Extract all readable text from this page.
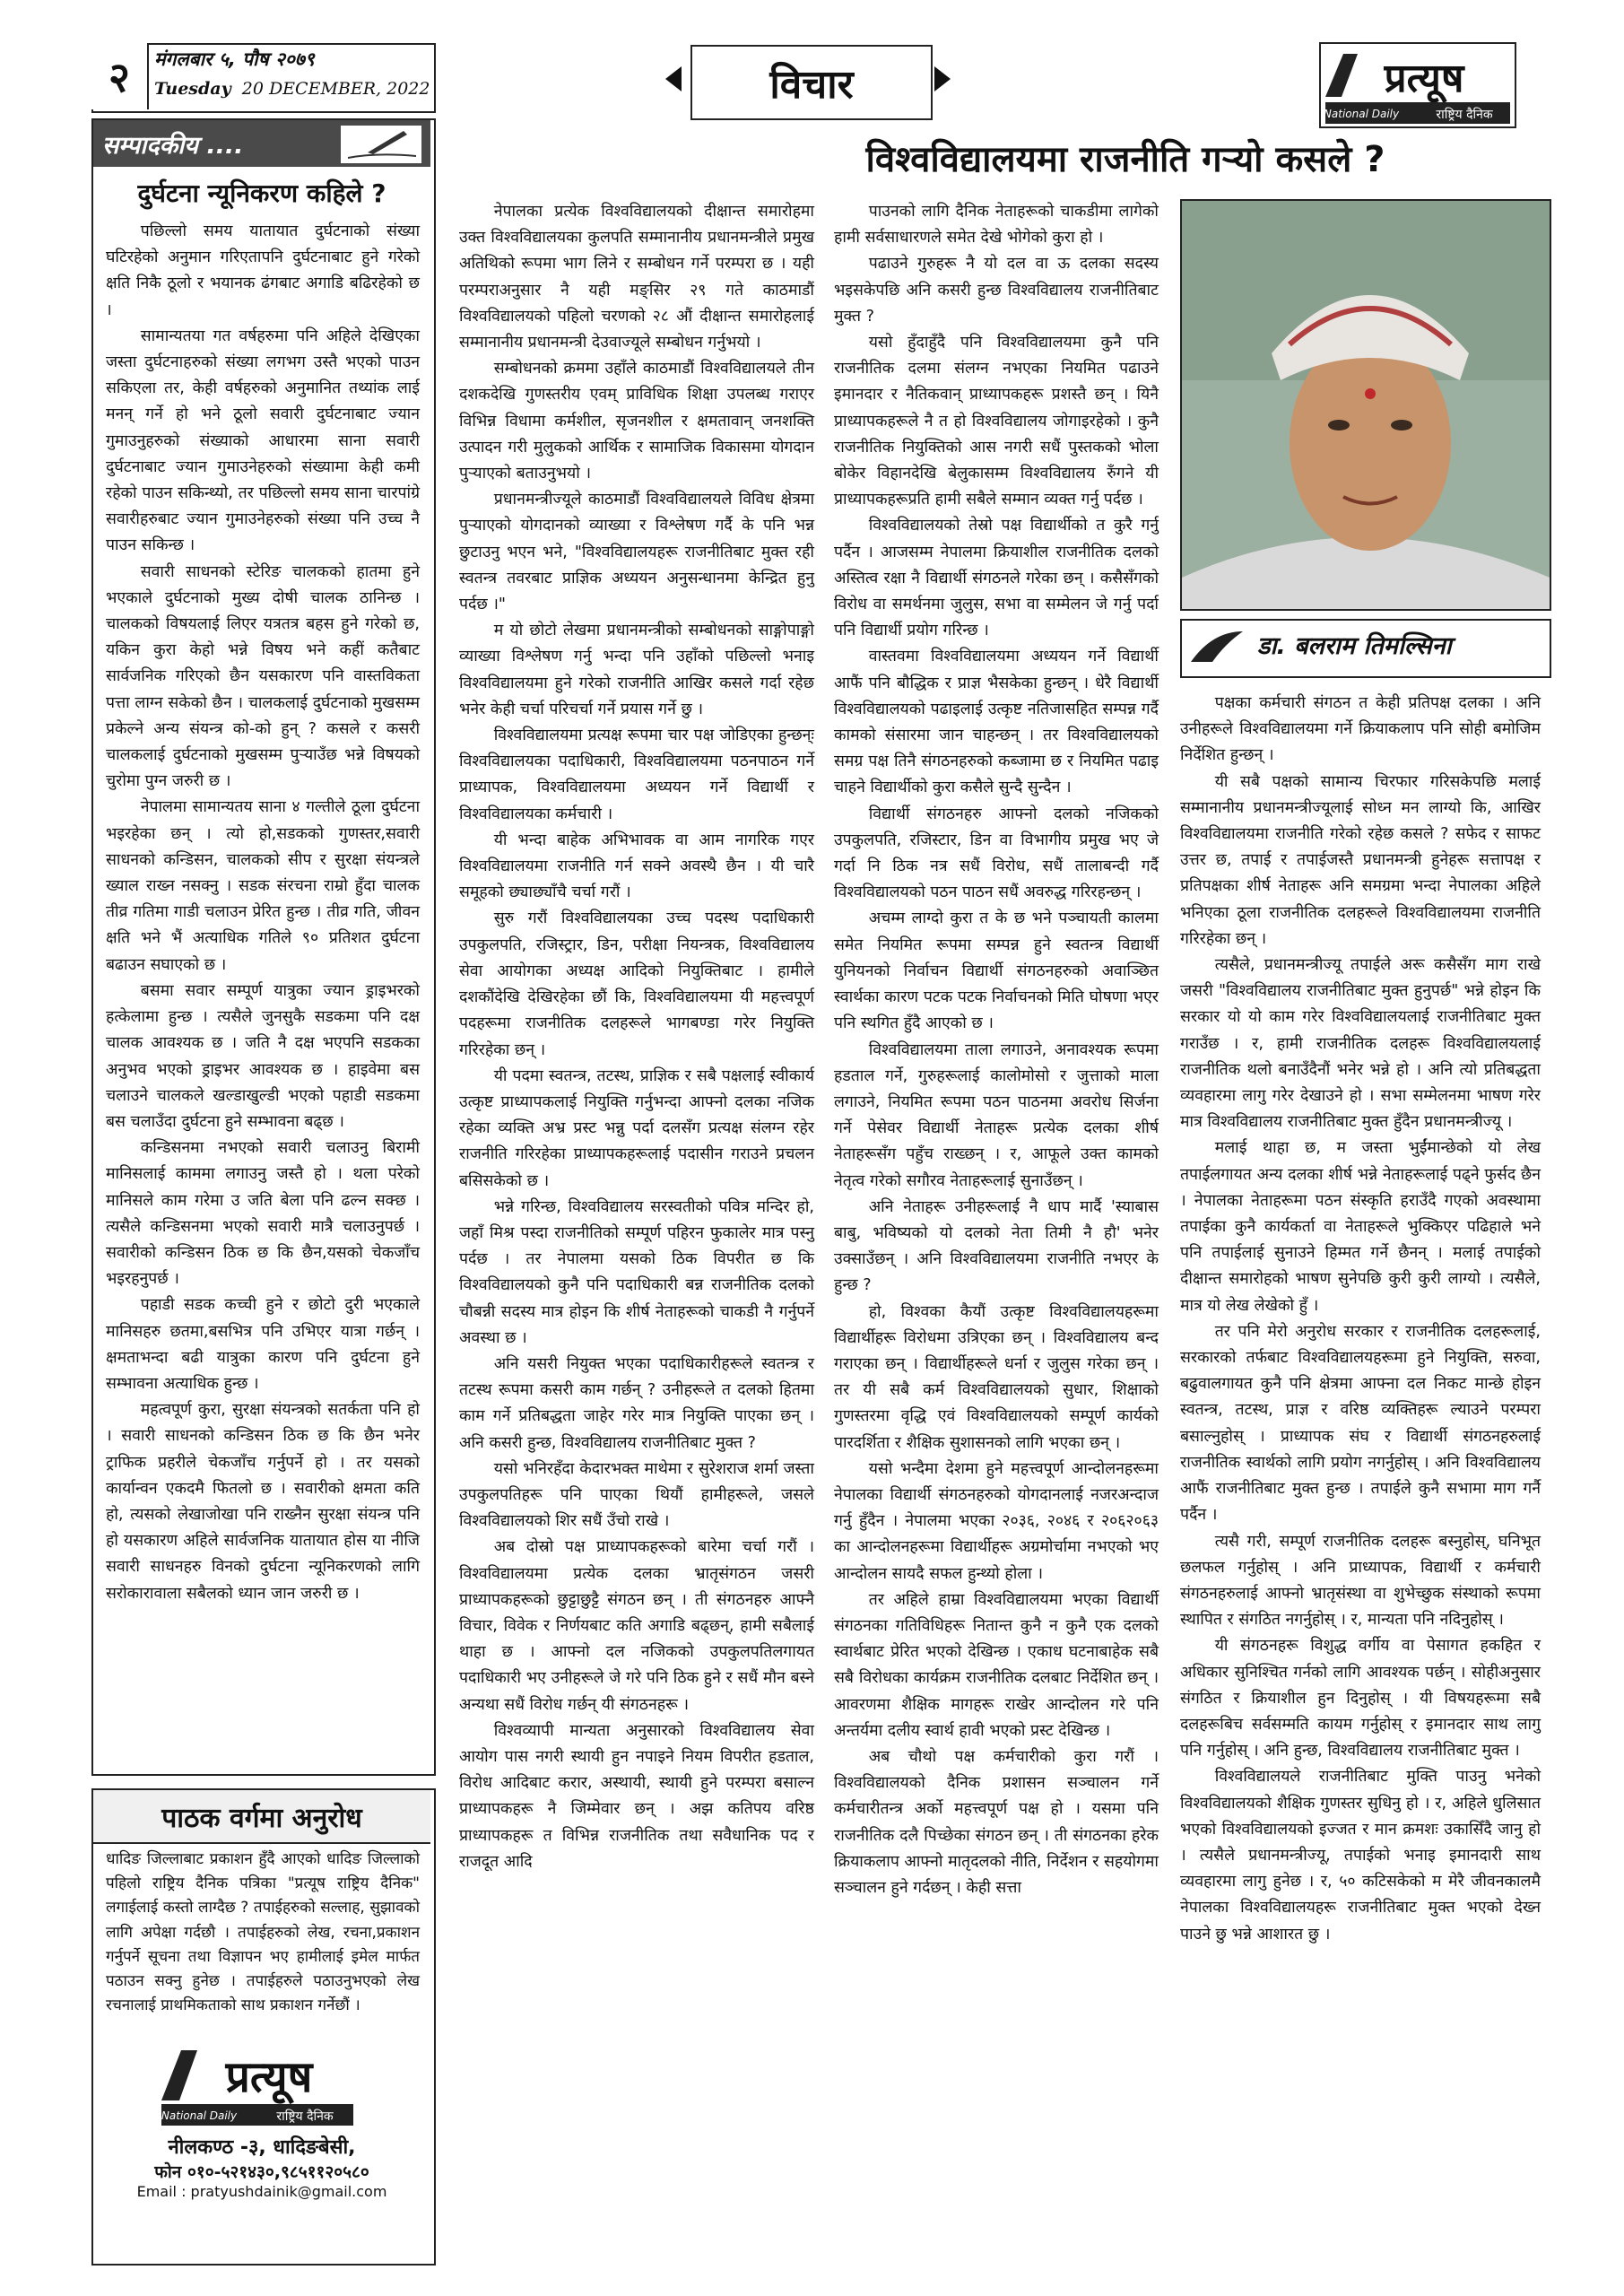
२	मंगलबार ५, पौष २०७९
Tuesday 20 DECEMBER, 2022	विचार	प्रत्यूष
National Daily	राष्ट्रिय दैनिक
विश्वविद्यालयमा राजनीति गऱ्यो कसले ?
सम्पादकीय ....
दुर्घटना न्यूनिकरण कहिले ?

पछिल्लो समय यातायात दुर्घटनाको संख्या घटिरहेको अनुमान गरिएतापनि दुर्घटनाबाट हुने गरेको क्षति निकै ठूलो र भयानक ढंगबाट अगाडि बढिरहेको छ ।

सामान्यतया गत वर्षहरुमा पनि अहिले देखिएका जस्ता दुर्घटनाहरुको संख्या लगभग उस्तै भएको पाउन सकिएला तर, केही वर्षहरुको अनुमानित तथ्यांक लाई मनन् गर्ने हो भने ठूलो सवारी दुर्घटनाबाट ज्यान गुमाउनुहरुको संख्याको आधारमा साना सवारी दुर्घटनाबाट ज्यान गुमाउनेहरुको संख्यामा केही कमी रहेको पाउन सकिन्थ्यो, तर पछिल्लो समय साना चारपांग्रे सवारीहरुबाट ज्यान गुमाउनेहरुको संख्या पनि उच्च नै पाउन सकिन्छ ।

सवारी साधनको स्टेरिङ चालकको हातमा हुने भएकाले दुर्घटनाको मुख्य दोषी चालक ठानिन्छ । चालकको विषयलाई लिएर यत्रतत्र बहस हुने गरेको छ, यकिन कुरा केहो भन्ने विषय भने कहीं कतैबाट सार्वजनिक गरिएको छैन यसकारण पनि वास्तविकता पत्ता लाग्न सकेको छैन । चालकलाई दुर्घटनाको मुखसम्म प्रकेल्ने अन्य संयन्त्र को-को हुन् ? कसले र कसरी चालकलाई दुर्घटनाको मुखसम्म पुऱ्याउँछ भन्ने विषयको चुरोमा पुग्न जरुरी छ ।

नेपालमा सामान्यतय साना ४ गल्तीले ठूला दुर्घटना भइरहेका छन् । त्यो हो,सडकको गुणस्तर,सवारी साधनको कन्डिसन, चालकको सीप र सुरक्षा संयन्त्रले ख्याल राख्न नसक्नु । सडक संरचना राम्रो हुँदा चालक तीव्र गतिमा गाडी चलाउन प्रेरित हुन्छ । तीव्र गति, जीवन क्षति भने भैं अत्याधिक गतिले ९० प्रतिशत दुर्घटना बढाउन सघाएको छ ।

बसमा सवार सम्पूर्ण यात्रुका ज्यान ड्राइभरको हत्केलामा हुन्छ । त्यसैले जुनसुकै सडकमा पनि दक्ष चालक आवश्यक छ । जति नै दक्ष भएपनि सडकका अनुभव भएको ड्राइभर आवश्यक छ । हाइवेमा बस चलाउने चालकले खल्डाखुल्डी भएको पहाडी सडकमा बस चलाउँदा दुर्घटना हुने सम्भावना बढ्छ ।

कन्डिसनमा नभएको सवारी चलाउनु बिरामी मानिसलाई काममा लगाउनु जस्तै हो । थला परेको मानिसले काम गरेमा उ जति बेला पनि ढल्न सक्छ । त्यसैले कन्डिसनमा भएको सवारी मात्रै चलाउनुपर्छ । सवारीको कन्डिसन ठिक छ कि छैन,यसको चेकजाँच भइरहनुपर्छ ।

पहाडी सडक कच्ची हुने र छोटो दुरी भएकाले मानिसहरु छतमा,बसभित्र पनि उभिएर यात्रा गर्छन् । क्षमताभन्दा बढी यात्रुका कारण पनि दुर्घटना हुने सम्भावना अत्याधिक हुन्छ ।

महत्वपूर्ण कुरा, सुरक्षा संयन्त्रको सतर्कता पनि हो । सवारी साधनको कन्डिसन ठिक छ कि छैन भनेर ट्राफिक प्रहरीले चेकजाँच गर्नुपर्ने हो । तर यसको कार्यान्वन एकदमै फितलो छ । सवारीको क्षमता कति हो, त्यसको लेखाजोखा पनि राख्नैन सुरक्षा संयन्त्र पनि हो यसकारण अहिले सार्वजनिक यातायात होस या नीजि सवारी साधनहरु विनको दुर्घटना न्यूनिकरणको लागि सरोकारावाला सबैलको ध्यान जान जरुरी छ ।

पाठक वर्गमा अनुरोध

धादिङ जिल्लाबाट प्रकाशन हुँदै आएको धादिङ जिल्लाको पहिलो राष्ट्रिय दैनिक पत्रिका "प्रत्यूष राष्ट्रिय दैनिक" लगाईलाई कस्तो लाग्दैछ ? तपाईहरुको सल्लाह, सुझावको लागि अपेक्षा गर्दछौ । तपाईहरुको लेख, रचना,प्रकाशन गर्नुपर्ने सूचना तथा विज्ञापन भए हामीलाई इमेल मार्फत पठाउन सक्नु हुनेछ । तपाईहरुले पठाउनुभएको लेख रचनालाई प्राथमिकताको साथ प्रकाशन गर्नेछौं ।

प्रत्यूष
National Daily	राष्ट्रिय दैनिक
नीलकण्ठ -३, धादिङबेसी,
फोन ०१०-५२१४३०,९८५११२०५८०
Email : pratyushdainik@gmail.com

नेपालका प्रत्येक विश्वविद्यालयको दीक्षान्त समारोहमा उक्त विश्वविद्यालयका कुलपति सम्मानानीय प्रधानमन्त्रीले प्रमुख अतिथिको रूपमा भाग लिने र सम्बोधन गर्ने परम्परा छ । यही परम्पराअनुसार नै यही मङ्सिर २९ गते काठमाडौं विश्वविद्यालयको पहिलो चरणको २८ औं दीक्षान्त समारोहलाई सम्मानानीय प्रधानमन्त्री देउवाज्यूले सम्बोधन गर्नुभयो ।

सम्बोधनको क्रममा उहाँले काठमाडौं विश्वविद्यालयले तीन दशकदेखि गुणस्तरीय एवम् प्राविधिक शिक्षा उपलब्ध गराएर विभिन्न विधामा कर्मशील, सृजनशील र क्षमतावान् जनशक्ति उत्पादन गरी मुलुकको आर्थिक र सामाजिक विकासमा योगदान पुऱ्याएको बताउनुभयो ।

प्रधानमन्त्रीज्यूले काठमाडौं विश्वविद्यालयले विविध क्षेत्रमा पुऱ्याएको योगदानको व्याख्या र विश्लेषण गर्दै के पनि भन्न छुटाउनु भएन भने, "विश्वविद्यालयहरू राजनीतिबाट मुक्त रही स्वतन्त्र तवरबाट प्राज्ञिक अध्ययन अनुसन्धानमा केन्द्रित हुनु पर्दछ ।"

म यो छोटो लेखमा प्रधानमन्त्रीको सम्बोधनको साङ्गोपाङ्गो व्याख्या विश्लेषण गर्नु भन्दा पनि उहाँको पछिल्लो भनाइ विश्वविद्यालयमा हुने गरेको राजनीति आखिर कसले गर्दा रहेछ भनेर केही चर्चा परिचर्चा गर्ने प्रयास गर्ने छु ।

विश्वविद्यालयमा प्रत्यक्ष रूपमा चार पक्ष जोडिएका हुन्छन्ः विश्वविद्यालयका पदाधिकारी, विश्वविद्यालयमा पठनपाठन गर्ने प्राध्यापक, विश्वविद्यालयमा अध्ययन गर्ने विद्यार्थी र विश्वविद्यालयका कर्मचारी ।

यी भन्दा बाहेक अभिभावक वा आम नागरिक गएर विश्वविद्यालयमा राजनीति गर्न सक्ने अवस्थै छैन । यी चारै समूहको छ्याछ्याँचै चर्चा गरौं ।

सुरु गरौं विश्वविद्यालयका उच्च पदस्थ पदाधिकारी उपकुलपति, रजिस्ट्रार, डिन, परीक्षा नियन्त्रक, विश्वविद्यालय सेवा आयोगका अध्यक्ष आदिको नियुक्तिबाट । हामीले दशकौंदेखि देखिरहेका छौं कि, विश्वविद्यालयमा यी महत्त्वपूर्ण पदहरूमा राजनीतिक दलहरूले भागबण्डा गरेर नियुक्ति गरिरहेका छन् ।

यी पदमा स्वतन्त्र, तटस्थ, प्राज्ञिक र सबै पक्षलाई स्वीकार्य उत्कृष्ट प्राध्यापकलाई नियुक्ति गर्नुभन्दा आफ्नो दलका नजिक रहेका व्यक्ति अभ्र प्रस्ट भन्नु पर्दा दलसँग प्रत्यक्ष संलग्न रहेर राजनीति गरिरहेका प्राध्यापकहरूलाई पदासीन गराउने प्रचलन बसिसकेको छ ।

भन्ने गरिन्छ, विश्वविद्यालय सरस्वतीको पवित्र मन्दिर हो, जहाँ मिश्र पस्दा राजनीतिको सम्पूर्ण पहिरन फुकालेर मात्र पस्नु पर्दछ । तर नेपालमा यसको ठिक विपरीत छ कि विश्वविद्यालयको कुनै पनि पदाधिकारी बन्न राजनीतिक दलको चौबन्नी सदस्य मात्र होइन कि शीर्ष नेताहरूको चाकडी नै गर्नुपर्ने अवस्था छ ।

अनि यसरी नियुक्त भएका पदाधिकारीहरूले स्वतन्त्र र तटस्थ रूपमा कसरी काम गर्छन् ? उनीहरूले त दलको हितमा काम गर्ने प्रतिबद्धता जाहेर गरेर मात्र नियुक्ति पाएका छन् । अनि कसरी हुन्छ, विश्वविद्यालय राजनीतिबाट मुक्त ?

यसो भनिरहँदा केदारभक्त माथेमा र सुरेशराज शर्मा जस्ता उपकुलपतिहरू पनि पाएका थियौं हामीहरूले, जसले विश्वविद्यालयको शिर सधैं उँचो राखे ।

अब दोस्रो पक्ष प्राध्यापकहरूको बारेमा चर्चा गरौं । विश्वविद्यालयमा प्रत्येक दलका भ्रातृसंगठन जसरी प्राध्यापकहरूको छुट्टाछुट्टै संगठन छन् । ती संगठनहरु आफ्नै विचार, विवेक र निर्णयबाट कति अगाडि बढ्छन्, हामी सबैलाई थाहा छ । आफ्नो दल नजिकको उपकुलपतिलगायत पदाधिकारी भए उनीहरूले जे गरे पनि ठिक हुने र सधैं मौन बस्ने अन्यथा सधैं विरोध गर्छन् यी संगठनहरू ।

विश्वव्यापी मान्यता अनुसारको विश्वविद्यालय सेवा आयोग पास नगरी स्थायी हुन नपाइने नियम विपरीत हडताल, विरोध आदिबाट करार, अस्थायी, स्थायी हुने परम्परा बसाल्न प्राध्यापकहरू नै जिम्मेवार छन् । अझ कतिपय वरिष्ठ प्राध्यापकहरू त विभिन्न राजनीतिक तथा सवैधानिक पद र राजदूत आदि

पाउनको लागि दैनिक नेताहरूको चाकडीमा लागेको हामी सर्वसाधारणले समेत देखे भोगेको कुरा हो ।

पढाउने गुरुहरू नै यो दल वा ऊ दलका सदस्य भइसकेपछि अनि कसरी हुन्छ विश्वविद्यालय राजनीतिबाट मुक्त ?

यसो हुँदाहुँदै पनि विश्वविद्यालयमा कुनै पनि राजनीतिक दलमा संलग्न नभएका नियमित पढाउने इमानदार र नैतिकवान् प्राध्यापकहरू प्रशस्तै छन् । यिनै प्राध्यापकहरूले नै त हो विश्वविद्यालय जोगाइरहेको । कुनै राजनीतिक नियुक्तिको आस नगरी सधैं पुस्तकको भोला बोकेर विहानदेखि बेलुकासम्म विश्वविद्यालय रुँगने यी प्राध्यापकहरूप्रति हामी सबैले सम्मान व्यक्त गर्नु पर्दछ ।

विश्वविद्यालयको तेस्रो पक्ष विद्यार्थीको त कुरै गर्नु पर्दैन । आजसम्म नेपालमा क्रियाशील राजनीतिक दलको अस्तित्व रक्षा नै विद्यार्थी संगठनले गरेका छन् । कसैसँगको विरोध वा समर्थनमा जुलुस, सभा वा सम्मेलन जे गर्नु पर्दा पनि विद्यार्थी प्रयोग गरिन्छ ।

वास्तवमा विश्वविद्यालयमा अध्ययन गर्ने विद्यार्थी आफैं पनि बौद्धिक र प्राज्ञ भैसकेका हुन्छन् । धेरै विद्यार्थी विश्वविद्यालयको पढाइलाई उत्कृष्ट नतिजासहित सम्पन्न गर्दै कामको संसारमा जान चाहन्छन् । तर विश्वविद्यालयको समग्र पक्ष तिनै संगठनहरुको कब्जामा छ र नियमित पढाइ चाहने विद्यार्थीको कुरा कसैले सुन्दै सुन्दैन ।

विद्यार्थी संगठनहरु आफ्नो दलको नजिकको उपकुलपति, रजिस्टार, डिन वा विभागीय प्रमुख भए जे गर्दा नि ठिक नत्र सधैं विरोध, सधैं तालाबन्दी गर्दै विश्वविद्यालयको पठन पाठन सधैं अवरुद्ध गरिरहन्छन् ।

अचम्म लाग्दो कुरा त के छ भने पञ्चायती कालमा समेत नियमित रूपमा सम्पन्न हुने स्वतन्त्र विद्यार्थी युनियनको निर्वाचन विद्यार्थी संगठनहरुको अवाञ्छित स्वार्थका कारण पटक पटक निर्वाचनको मिति घोषणा भएर पनि स्थगित हुँदै आएको छ ।

विश्वविद्यालयमा ताला लगाउने, अनावश्यक रूपमा हडताल गर्ने, गुरुहरूलाई कालोमोसो र जुत्ताको माला लगाउने, नियमित रूपमा पठन पाठनमा अवरोध सिर्जना गर्ने पेसेवर विद्यार्थी नेताहरू प्रत्येक दलका शीर्ष नेताहरूसँग पहुँच राख्छन् । र, आफूले उक्त कामको नेतृत्व गरेको सगौरव नेताहरूलाई सुनाउँछन् ।

अनि नेताहरू उनीहरूलाई नै धाप मार्दै 'स्याबास बाबु, भविष्यको यो दलको नेता तिमी नै हौ' भनेर उक्साउँछन् । अनि विश्वविद्यालयमा राजनीति नभएर के हुन्छ ?

हो, विश्वका कैयौं उत्कृष्ट विश्वविद्यालयहरूमा विद्यार्थीहरू विरोधमा उत्रिएका छन् । विश्वविद्यालय बन्द गराएका छन् । विद्यार्थीहरूले धर्ना र जुलुस गरेका छन् । तर यी सबै कर्म विश्वविद्यालयको सुधार, शिक्षाको गुणस्तरमा वृद्धि एवं विश्वविद्यालयको सम्पूर्ण कार्यको पारदर्शिता र शैक्षिक सुशासनको लागि भएका छन् ।

यसो भन्दैमा देशमा हुने महत्त्वपूर्ण आन्दोलनहरूमा नेपालका विद्यार्थी संगठनहरुको योगदानलाई नजरअन्दाज गर्नु हुँदैन । नेपालमा भएका २०३६, २०४६ र २०६२०६३ का आन्दोलनहरूमा विद्यार्थीहरू अग्रमोर्चामा नभएको भए आन्दोलन सायदै सफल हुन्थ्यो होला ।

तर अहिले हाम्रा विश्वविद्यालयमा भएका विद्यार्थी संगठनका गतिविधिहरू नितान्त कुनै न कुनै एक दलको स्वार्थबाट प्रेरित भएको देखिन्छ । एकाध घटनाबाहेक सबै सबै विरोधका कार्यक्रम राजनीतिक दलबाट निर्देशित छन् । आवरणमा शैक्षिक मागहरू राखेर आन्दोलन गरे पनि अन्तर्यमा दलीय स्वार्थ हावी भएको प्रस्ट देखिन्छ ।

अब चौथो पक्ष कर्मचारीको कुरा गरौं । विश्वविद्यालयको दैनिक प्रशासन सञ्चालन गर्ने कर्मचारीतन्त्र अर्को महत्त्वपूर्ण पक्ष हो । यसमा पनि राजनीतिक दलै पिच्छेका संगठन छन् । ती संगठनका हरेक क्रियाकलाप आफ्नो मातृदलको नीति, निर्देशन र सहयोगमा सञ्चालन हुने गर्दछन् । केही सत्ता

डा. बलराम तिमल्सिना

पक्षका कर्मचारी संगठन त केही प्रतिपक्ष दलका । अनि उनीहरूले विश्वविद्यालयमा गर्ने क्रियाकलाप पनि सोही बमोजिम निर्देशित हुन्छन् ।

यी सबै पक्षको सामान्य चिरफार गरिसकेपछि मलाई सम्मानानीय प्रधानमन्त्रीज्यूलाई सोध्न मन लाग्यो कि, आखिर विश्वविद्यालयमा राजनीति गरेको रहेछ कसले ? सफेद र साफट उत्तर छ, तपाई र तपाईजस्तै प्रधानमन्त्री हुनेहरू सत्तापक्ष र प्रतिपक्षका शीर्ष नेताहरू अनि समग्रमा भन्दा नेपालका अहिले भनिएका ठूला राजनीतिक दलहरूले विश्वविद्यालयमा राजनीति गरिरहेका छन् ।

त्यसैले, प्रधानमन्त्रीज्यू तपाईले अरू कसैसँग माग राखे जसरी "विश्वविद्यालय राजनीतिबाट मुक्त हुनुपर्छ" भन्ने होइन कि सरकार यो यो काम गरेर विश्वविद्यालयलाई राजनीतिबाट मुक्त गराउँछ । र, हामी राजनीतिक दलहरू विश्वविद्यालयलाई राजनीतिक थलो बनाउँदैनौं भनेर भन्ने हो । अनि त्यो प्रतिबद्धता व्यवहारमा लागु गरेर देखाउने हो । सभा सम्मेलनमा भाषण गरेर मात्र विश्वविद्यालय राजनीतिबाट मुक्त हुँदैन प्रधानमन्त्रीज्यू ।

मलाई थाहा छ, म जस्ता भुईंमान्छेको यो लेख तपाईलगायत अन्य दलका शीर्ष भन्ने नेताहरूलाई पढ्ने फुर्सद छैन । नेपालका नेताहरूमा पठन संस्कृति हराउँदै गएको अवस्थामा तपाईका कुनै कार्यकर्ता वा नेताहरूले भुक्किएर पढिहाले भने पनि तपाईलाई सुनाउने हिम्मत गर्ने छैनन् । मलाई तपाईको दीक्षान्त समारोहको भाषण सुनेपछि कुरी कुरी लाग्यो । त्यसैले, मात्र यो लेख लेखेको हुँ ।

तर पनि मेरो अनुरोध सरकार र राजनीतिक दलहरूलाई, सरकारको तर्फबाट विश्वविद्यालयहरूमा हुने नियुक्ति, सरुवा, बढुवालगायत कुनै पनि क्षेत्रमा आफ्ना दल निकट मान्छे होइन स्वतन्त्र, तटस्थ, प्राज्ञ र वरिष्ठ व्यक्तिहरू ल्याउने परम्परा बसाल्नुहोस् । प्राध्यापक संघ र विद्यार्थी संगठनहरुलाई राजनीतिक स्वार्थको लागि प्रयोग नगर्नुहोस् । अनि विश्वविद्यालय आफैं राजनीतिबाट मुक्त हुन्छ । तपाईले कुनै सभामा माग गर्नै पर्दैन ।

त्यसै गरी, सम्पूर्ण राजनीतिक दलहरू बस्नुहोस्, घनिभूत छलफल गर्नुहोस् । अनि प्राध्यापक, विद्यार्थी र कर्मचारी संगठनहरुलाई आफ्नो भ्रातृसंस्था वा शुभेच्छुक संस्थाको रूपमा स्थापित र संगठित नगर्नुहोस् । र, मान्यता पनि नदिनुहोस् ।

यी संगठनहरू विशुद्ध वर्गीय वा पेसागत हकहित र अधिकार सुनिश्चित गर्नको लागि आवश्यक पर्छन् । सोहीअनुसार संगठित र क्रियाशील हुन दिनुहोस् । यी विषयहरूमा सबै दलहरूबिच सर्वसम्मति कायम गर्नुहोस् र इमानदार साथ लागु पनि गर्नुहोस् । अनि हुन्छ, विश्वविद्यालय राजनीतिबाट मुक्त ।

विश्वविद्यालयले राजनीतिबाट मुक्ति पाउनु भनेको विश्वविद्यालयको शैक्षिक गुणस्तर सुधिनु हो । र, अहिले धुलिसात भएको विश्वविद्यालयको इज्जत र मान क्रमशः उकासिँदै जानु हो । त्यसैले प्रधानमन्त्रीज्यू, तपाईको भनाइ इमानदारी साथ व्यवहारमा लागु हुनेछ । र, ५० कटिसकेको म मेरै जीवनकालमै नेपालका विश्वविद्यालयहरू राजनीतिबाट मुक्त भएको देख्न पाउने छु भन्ने आशारत छु ।
